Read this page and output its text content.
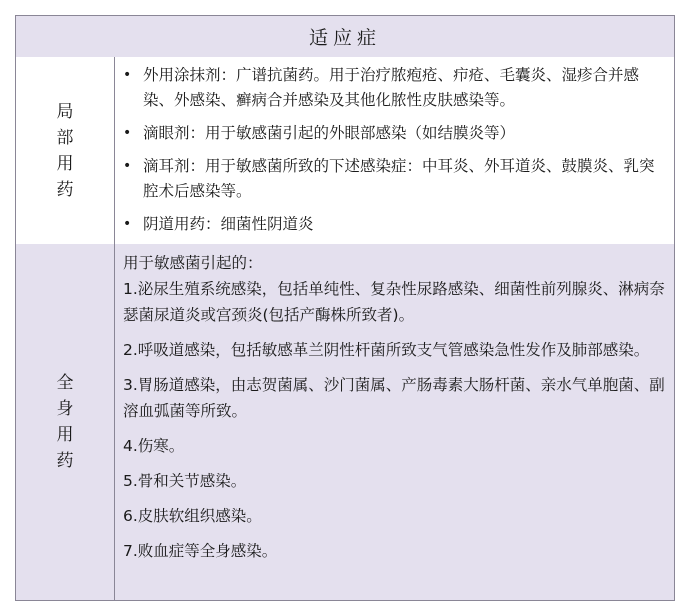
适应症
局部用药
• 外用涂抹剂：广谱抗菌药。用于治疗脓疱疮、疖疮、毛囊炎、湿疹合并感染、外感染、癣病合并感染及其他化脓性皮肤感染等。
• 滴眼剂：用于敏感菌引起的外眼部感染（如结膜炎等）
• 滴耳剂：用于敏感菌所致的下述感染症：中耳炎、外耳道炎、鼓膜炎、乳突腔术后感染等。
• 阴道用药：细菌性阴道炎
全身用药
用于敏感菌引起的：
1.泌尿生殖系统感染，包括单纯性、复杂性尿路感染、细菌性前列腺炎、淋病奈瑟菌尿道炎或宫颈炎(包括产酶株所致者)。
2.呼吸道感染，包括敏感革兰阴性杆菌所致支气管感染急性发作及肺部感染。
3.胃肠道感染，由志贺菌属、沙门菌属、产肠毒素大肠杆菌、亲水气单胞菌、副溶血弧菌等所致。
4.伤寒。
5.骨和关节感染。
6.皮肤软组织感染。
7.败血症等全身感染。
